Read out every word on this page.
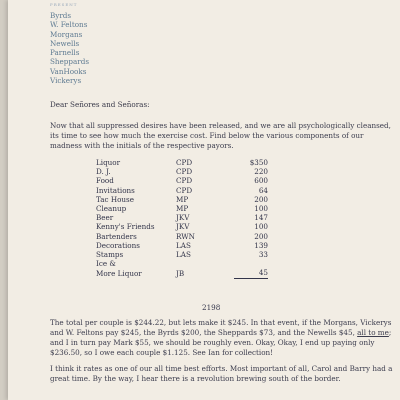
PRESENT
Byrds
W. Feltons
Morgans
Newells
Parnells
Sheppards
VanHooks
Vickerys
Dear Señores and Señoras:

Now that all suppressed desires have been released, and we are all psychologically cleansed, its time to see how much the exercise cost. Find below the various components of our madness with the initials of the respective payors.

Liquor	CPD	$350
D. J.	CPD	220
Food	CPD	600
Invitations	CPD	64
Tac House	MP	200
Cleanup	MP	100
Beer	JKV	147
Kenny's Friends	JKV	100
Bartenders	RWN	200
Decorations	LAS	139
Stamps	LAS	33
Ice &		
More Liquor	JB	45
2198

The total per couple is $244.22, but lets make it $245. In that event, if the Morgans, Vickerys and W. Feltons pay $245, the Byrds $200, the Sheppards $73, and the Newells $45, all to me; and I in turn pay Mark $55, we should be roughly even. Okay, Okay, I end up paying only $236.50, so I owe each couple $1.125. See Ian for collection!

I think it rates as one of our all time best efforts. Most important of all, Carol and Barry had a great time. By the way, I hear there is a revolution brewing south of the border.
